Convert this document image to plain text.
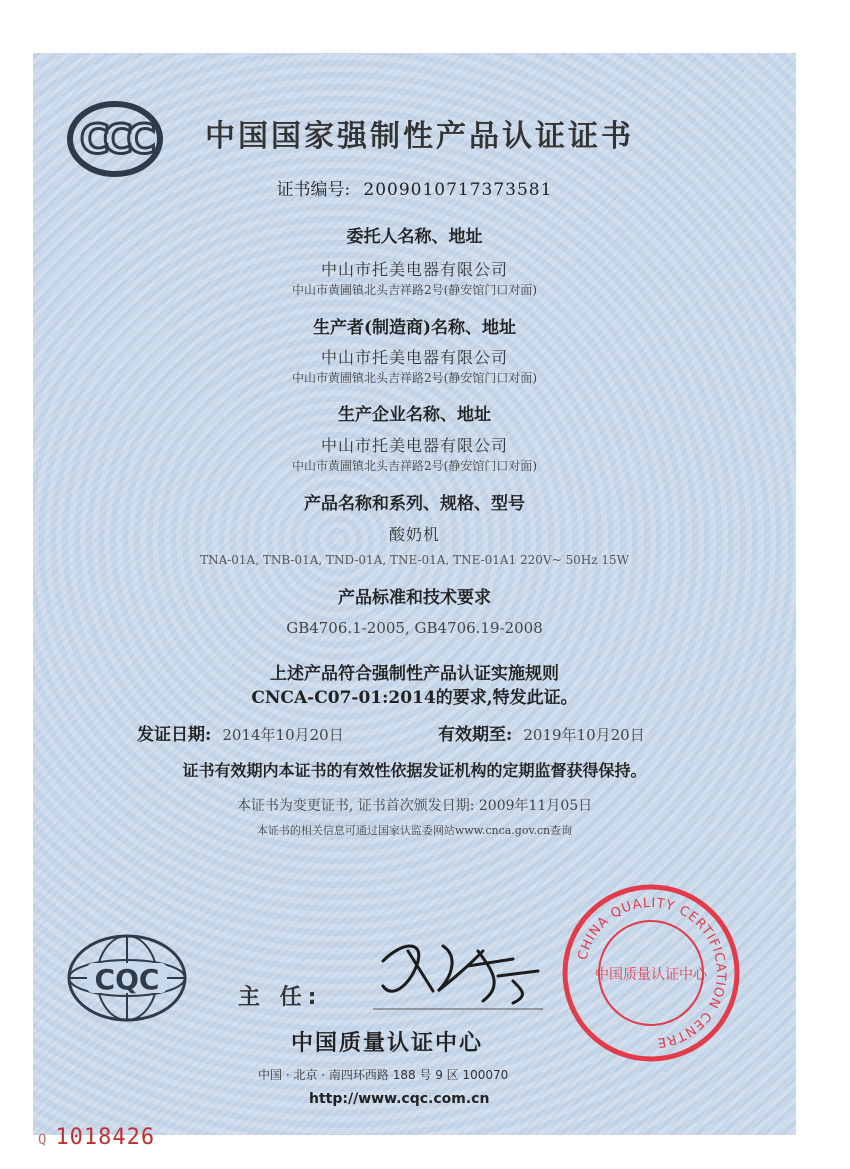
CCC 中国国家强制性产品认证证书
证书编号: 2009010717373581
委托人名称、地址
中山市托美电器有限公司
中山市黄圃镇北头吉祥路2号(静安馆门口对面)
生产者(制造商)名称、地址
中山市托美电器有限公司
中山市黄圃镇北头吉祥路2号(静安馆门口对面)
生产企业名称、地址
中山市托美电器有限公司
中山市黄圃镇北头吉祥路2号(静安馆门口对面)
产品名称和系列、规格、型号
酸奶机
TNA-01A, TNB-01A, TND-01A, TNE-01A, TNE-01A1 220V~ 50Hz 15W
产品标准和技术要求
GB4706.1-2005, GB4706.19-2008
上述产品符合强制性产品认证实施规则
CNCA-C07-01:2014的要求,特发此证。
发证日期: 2014年10月20日	有效期至: 2019年10月20日
证书有效期内本证书的有效性依据发证机构的定期监督获得保持。
本证书为变更证书, 证书首次颁发日期: 2009年11月05日
本证书的相关信息可通过国家认监委网站www.cnca.gov.cn查询
CQC
主 任:
中国质量认证中心
中国 · 北京 · 南四环西路 188 号 9 区 100070
http://www.cqc.com.cn
CHINA QUALITY CERTIFICATION CENTRE
中国质量认证中心
Q 1018426
